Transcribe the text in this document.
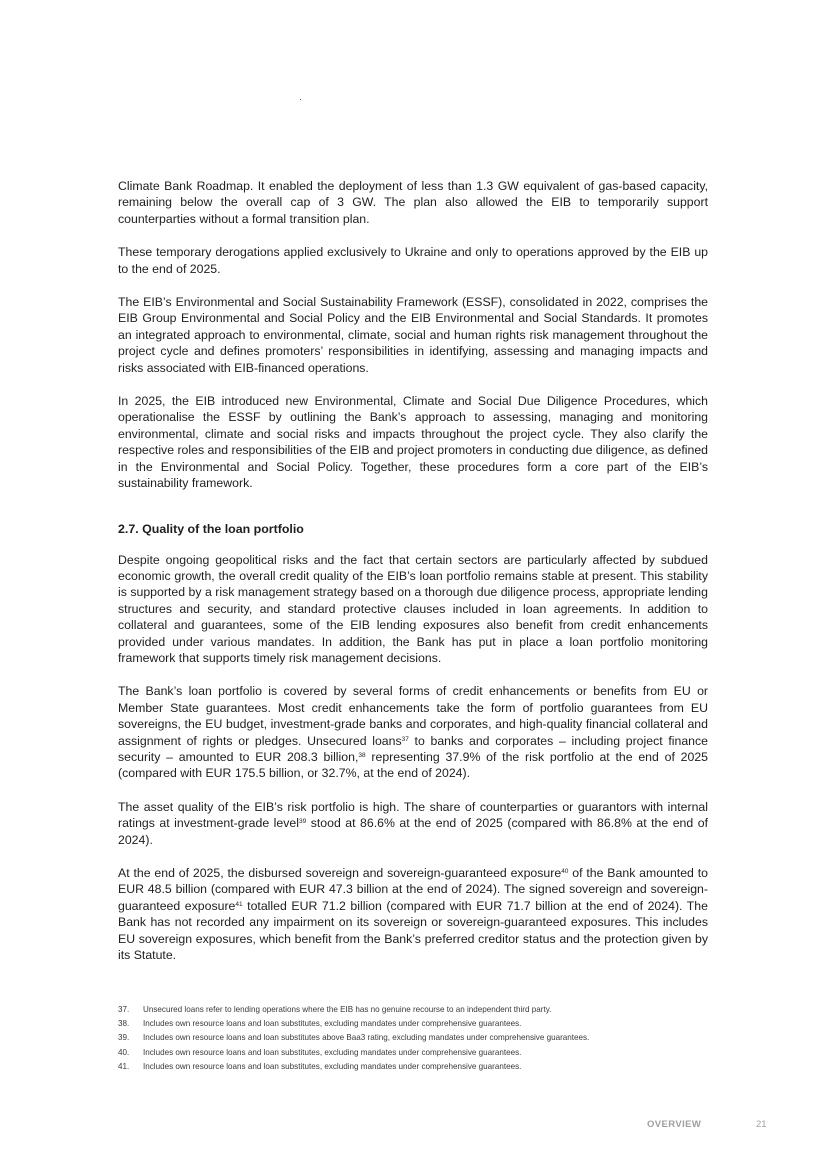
Climate Bank Roadmap. It enabled the deployment of less than 1.3 GW equivalent of gas-based capacity, remaining below the overall cap of 3 GW. The plan also allowed the EIB to temporarily support counterparties without a formal transition plan.

These temporary derogations applied exclusively to Ukraine and only to operations approved by the EIB up to the end of 2025.

The EIB’s Environmental and Social Sustainability Framework (ESSF), consolidated in 2022, comprises the EIB Group Environmental and Social Policy and the EIB Environmental and Social Standards. It promotes an integrated approach to environmental, climate, social and human rights risk management throughout the project cycle and defines promoters’ responsibilities in identifying, assessing and managing impacts and risks associated with EIB-financed operations.

In 2025, the EIB introduced new Environmental, Climate and Social Due Diligence Procedures, which operationalise the ESSF by outlining the Bank’s approach to assessing, managing and monitoring environmental, climate and social risks and impacts throughout the project cycle. They also clarify the respective roles and responsibilities of the EIB and project promoters in conducting due diligence, as defined in the Environmental and Social Policy. Together, these procedures form a core part of the EIB’s sustainability framework.

2.7. Quality of the loan portfolio

Despite ongoing geopolitical risks and the fact that certain sectors are particularly affected by subdued economic growth, the overall credit quality of the EIB’s loan portfolio remains stable at present. This stability is supported by a risk management strategy based on a thorough due diligence process, appropriate lending structures and security, and standard protective clauses included in loan agreements. In addition to collateral and guarantees, some of the EIB lending exposures also benefit from credit enhancements provided under various mandates. In addition, the Bank has put in place a loan portfolio monitoring framework that supports timely risk management decisions.

The Bank’s loan portfolio is covered by several forms of credit enhancements or benefits from EU or Member State guarantees. Most credit enhancements take the form of portfolio guarantees from EU sovereigns, the EU budget, investment-grade banks and corporates, and high-quality financial collateral and assignment of rights or pledges. Unsecured loans$^{37}$ to banks and corporates – including project finance security – amounted to EUR 208.3 billion,$^{38}$ representing 37.9% of the risk portfolio at the end of 2025 (compared with EUR 175.5 billion, or 32.7%, at the end of 2024).

The asset quality of the EIB’s risk portfolio is high. The share of counterparties or guarantors with internal ratings at investment-grade level$^{39}$ stood at 86.6% at the end of 2025 (compared with 86.8% at the end of 2024).

At the end of 2025, the disbursed sovereign and sovereign-guaranteed exposure$^{40}$ of the Bank amounted to EUR 48.5 billion (compared with EUR 47.3 billion at the end of 2024). The signed sovereign and sovereign-guaranteed exposure$^{41}$ totalled EUR 71.2 billion (compared with EUR 71.7 billion at the end of 2024). The Bank has not recorded any impairment on its sovereign or sovereign-guaranteed exposures. This includes EU sovereign exposures, which benefit from the Bank’s preferred creditor status and the protection given by its Statute.

37. Unsecured loans refer to lending operations where the EIB has no genuine recourse to an independent third party.
38. Includes own resource loans and loan substitutes, excluding mandates under comprehensive guarantees.
39. Includes own resource loans and loan substitutes above Baa3 rating, excluding mandates under comprehensive guarantees.
40. Includes own resource loans and loan substitutes, excluding mandates under comprehensive guarantees.
41. Includes own resource loans and loan substitutes, excluding mandates under comprehensive guarantees.
OVERVIEW	21
